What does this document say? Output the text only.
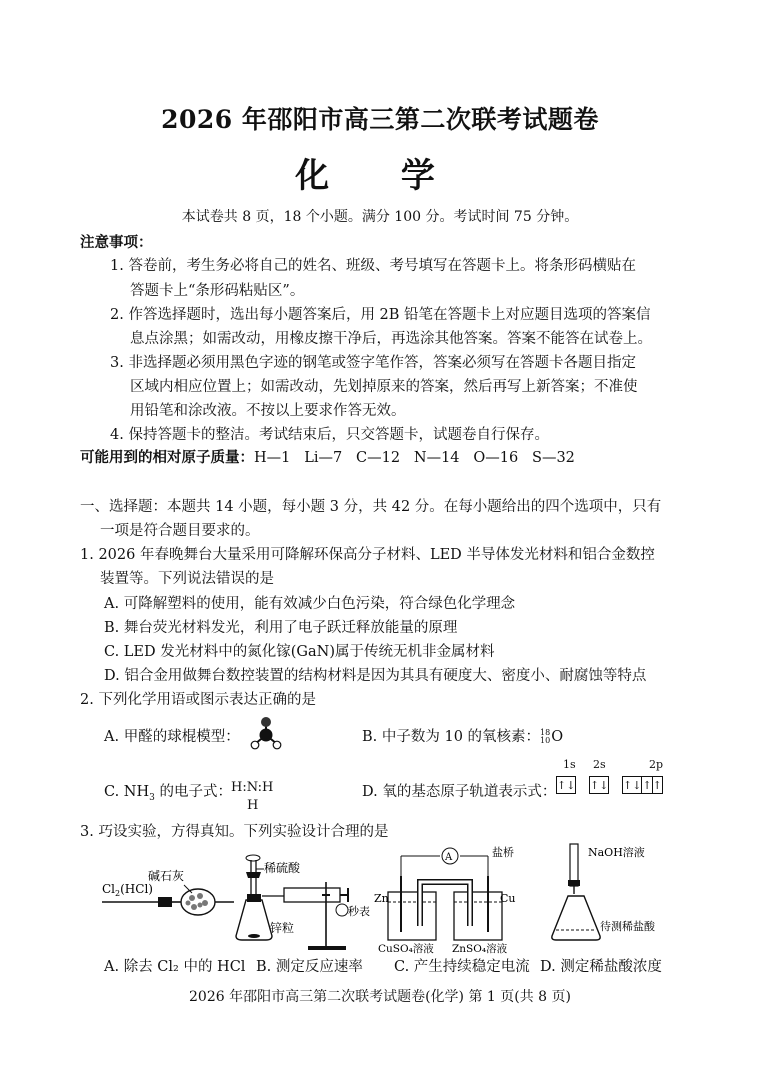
2026 年邵阳市高三第二次联考试题卷
化 学
本试卷共 8 页，18 个小题。满分 100 分。考试时间 75 分钟。
注意事项：
1. 答卷前，考生务必将自己的姓名、班级、考号填写在答题卡上。将条形码横贴在
答题卡上“条形码粘贴区”。
2. 作答选择题时，选出每小题答案后，用 2B 铅笔在答题卡上对应题目选项的答案信
息点涂黑；如需改动，用橡皮擦干净后，再选涂其他答案。答案不能答在试卷上。
3. 非选择题必须用黑色字迹的钢笔或签字笔作答，答案必须写在答题卡各题目指定
区域内相应位置上；如需改动，先划掉原来的答案，然后再写上新答案；不准使
用铅笔和涂改液。不按以上要求作答无效。
4. 保持答题卡的整洁。考试结束后，只交答题卡，试题卷自行保存。
可能用到的相对原子质量：H—1   Li—7   C—12   N—14   O—16   S—32
一、选择题：本题共 14 小题，每小题 3 分，共 42 分。在每小题给出的四个选项中，只有
一项是符合题目要求的。
1. 2026 年春晚舞台大量采用可降解环保高分子材料、LED 半导体发光材料和铝合金数控
装置等。下列说法错误的是
A. 可降解塑料的使用，能有效减少白色污染，符合绿色化学理念
B. 舞台荧光材料发光，利用了电子跃迁释放能量的原理
C. LED 发光材料中的氮化镓(GaN)属于传统无机非金属材料
D. 铝合金用做舞台数控装置的结构材料是因为其具有硬度大、密度小、耐腐蚀等特点
2. 下列化学用语或图示表达正确的是
A. 甲醛的球棍模型：	B. 中子数为 10 的氧核素：18
10O
C. $NH_3$ 的电子式： H:N:H
H
D. 氧的基态原子轨道表示式：
1s 2s	2p
↑↓ ↑↓ ↑↓	↑	↑
3. 巧设实验，方得真知。下列实验设计合理的是
$Cl_2(HCl)$
碱石灰
稀硫酸
锌粒
秒表
A	盐桥
Zn	Cu
CuSO₄溶液 ZnSO₄溶液
NaOH溶液
待测稀盐酸
A. 除去 Cl₂ 中的 HCl B. 测定反应速率 C. 产生持续稳定电流 D. 测定稀盐酸浓度
2026 年邵阳市高三第二次联考试题卷(化学) 第 1 页(共 8 页)
